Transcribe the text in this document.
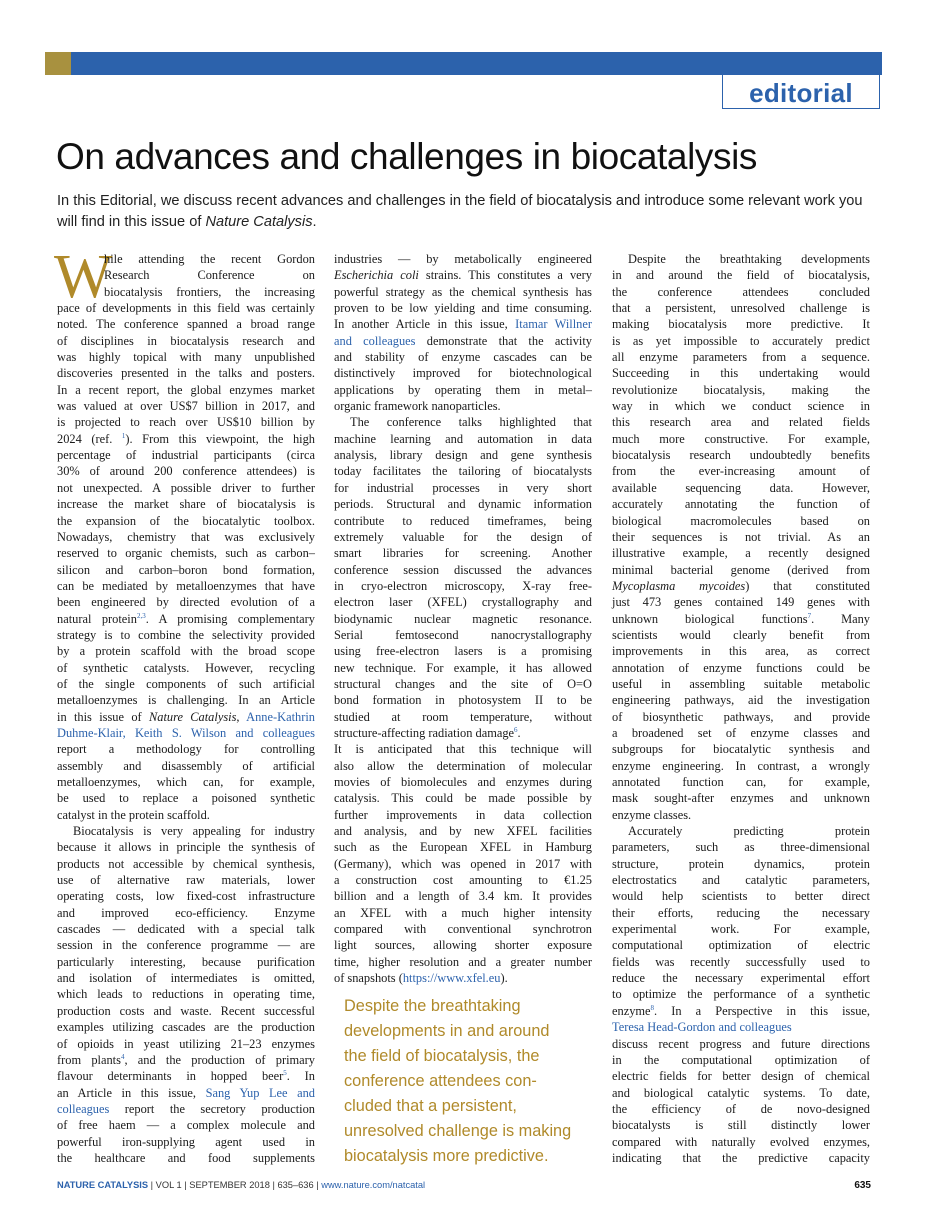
editorial
On advances and challenges in biocatalysis
In this Editorial, we discuss recent advances and challenges in the field of biocatalysis and introduce some relevant work you will find in this issue of Nature Catalysis.
W
hile attending the recent Gordon
Research Conference on
biocatalysis frontiers, the increasing
pace of developments in this field was certainly
noted. The conference spanned a broad range
of disciplines in biocatalysis research and
was highly topical with many unpublished
discoveries presented in the talks and posters.
In a recent report, the global enzymes market
was valued at over US$7 billion in 2017, and
is projected to reach over US$10 billion by
2024 (ref. $^1$). From this viewpoint, the high
percentage of industrial participants (circa
30% of around 200 conference attendees) is
not unexpected. A possible driver to further
increase the market share of biocatalysis is
the expansion of the biocatalytic toolbox.
Nowadays, chemistry that was exclusively
reserved to organic chemists, such as carbon–
silicon and carbon–boron bond formation,
can be mediated by metalloenzymes that have
been engineered by directed evolution of a
natural protein$^{2,3}$. A promising complementary
strategy is to combine the selectivity provided
by a protein scaffold with the broad scope
of synthetic catalysts. However, recycling
of the single components of such artificial
metalloenzymes is challenging. In an Article
in this issue of Nature Catalysis, Anne-Kathrin
Duhme-Klair, Keith S. Wilson and colleagues
report a methodology for controlling
assembly and disassembly of artificial
metalloenzymes, which can, for example,
be used to replace a poisoned synthetic
catalyst in the protein scaffold.
Biocatalysis is very appealing for industry
because it allows in principle the synthesis of
products not accessible by chemical synthesis,
use of alternative raw materials, lower
operating costs, low fixed-cost infrastructure
and improved eco-efficiency. Enzyme
cascades — dedicated with a special talk
session in the conference programme — are
particularly interesting, because purification
and isolation of intermediates is omitted,
which leads to reductions in operating time,
production costs and waste. Recent successful
examples utilizing cascades are the production
of opioids in yeast utilizing 21–23 enzymes
from plants$^4$, and the production of primary
flavour determinants in hopped beer$^5$. In
an Article in this issue, Sang Yup Lee and
colleagues report the secretory production
of free haem — a complex molecule and
powerful iron-supplying agent used in
the healthcare and food supplements
industries — by metabolically engineered
Escherichia coli strains. This constitutes a very
powerful strategy as the chemical synthesis has
proven to be low yielding and time consuming.
In another Article in this issue, Itamar Willner
and colleagues demonstrate that the activity
and stability of enzyme cascades can be
distinctively improved for biotechnological
applications by operating them in metal–
organic framework nanoparticles.
The conference talks highlighted that
machine learning and automation in data
analysis, library design and gene synthesis
today facilitates the tailoring of biocatalysts
for industrial processes in very short
periods. Structural and dynamic information
contribute to reduced timeframes, being
extremely valuable for the design of
smart libraries for screening. Another
conference session discussed the advances
in cryo-electron microscopy, X-ray free-
electron laser (XFEL) crystallography and
biodynamic nuclear magnetic resonance.
Serial femtosecond nanocrystallography
using free-electron lasers is a promising
new technique. For example, it has allowed
structural changes and the site of O=O
bond formation in photosystem II to be
studied at room temperature, without
structure-affecting radiation damage$^6$.
It is anticipated that this technique will
also allow the determination of molecular
movies of biomolecules and enzymes during
catalysis. This could be made possible by
further improvements in data collection
and analysis, and by new XFEL facilities
such as the European XFEL in Hamburg
(Germany), which was opened in 2017 with
a construction cost amounting to €1.25
billion and a length of 3.4 km. It provides
an XFEL with a much higher intensity
compared with conventional synchrotron
light sources, allowing shorter exposure
time, higher resolution and a greater number
of snapshots (https://www.xfel.eu).
Despite the breathtaking developments
in and around the field of biocatalysis,
the conference attendees concluded
that a persistent, unresolved challenge is
making biocatalysis more predictive. It
is as yet impossible to accurately predict
all enzyme parameters from a sequence.
Succeeding in this undertaking would
revolutionize biocatalysis, making the
way in which we conduct science in
this research area and related fields
much more constructive. For example,
biocatalysis research undoubtedly benefits
from the ever-increasing amount of
available sequencing data. However,
accurately annotating the function of
biological macromolecules based on
their sequences is not trivial. As an
illustrative example, a recently designed
minimal bacterial genome (derived from
Mycoplasma mycoides) that constituted
just 473 genes contained 149 genes with
unknown biological functions$^7$. Many
scientists would clearly benefit from
improvements in this area, as correct
annotation of enzyme functions could be
useful in assembling suitable metabolic
engineering pathways, aid the investigation
of biosynthetic pathways, and provide
a broadened set of enzyme classes and
subgroups for biocatalytic synthesis and
enzyme engineering. In contrast, a wrongly
annotated function can, for example,
mask sought-after enzymes and unknown
enzyme classes.
Accurately predicting protein
parameters, such as three-dimensional
structure, protein dynamics, protein
electrostatics and catalytic parameters,
would help scientists to better direct
their efforts, reducing the necessary
experimental work. For example,
computational optimization of electric
fields was recently successfully used to
reduce the necessary experimental effort
to optimize the performance of a synthetic
enzyme$^8$. In a Perspective in this issue,
Teresa Head-Gordon and colleagues
discuss recent progress and future directions
in the computational optimization of
electric fields for better design of chemical
and biological catalytic systems. To date,
the efficiency of de novo-designed
biocatalysts is still distinctly lower
compared with naturally evolved enzymes,
indicating that the predictive capacity
Despite the breathtaking
developments in and around
the field of biocatalysis, the
conference attendees con-
cluded that a persistent,
unresolved challenge is making
biocatalysis more predictive.
NATURE CATALYSIS | VOL 1 | SEPTEMBER 2018 | 635–636 | www.nature.com/natcatal	635
